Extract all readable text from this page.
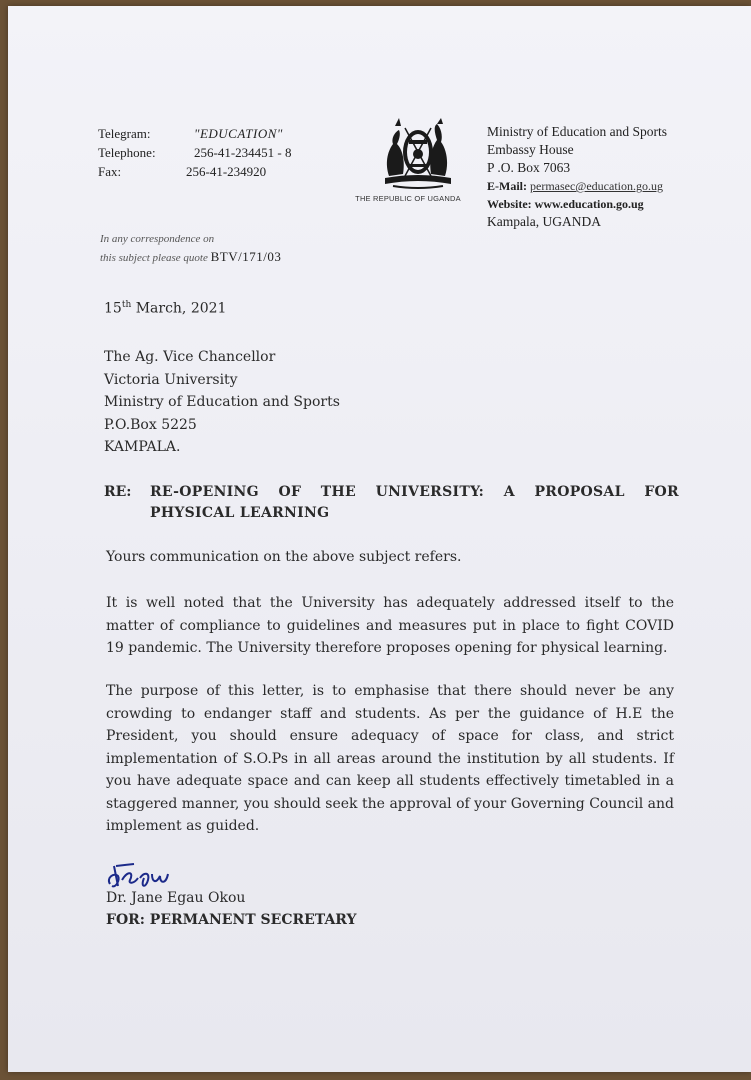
Telegram:	"EDUCATION"
Telephone:	256-41-234451 - 8
Fax:	256-41-234920
THE REPUBLIC OF UGANDA
Ministry of Education and Sports
Embassy House
P .O. Box 7063
E-Mail: permasec@education.go.ug
Website: www.education.go.ug
Kampala, UGANDA
In any correspondence on
this subject please quote BTV/171/03
15th March, 2021
The Ag. Vice Chancellor
Victoria University
Ministry of Education and Sports
P.O.Box 5225
KAMPALA.
RE:	RE-OPENING OF THE UNIVERSITY: A PROPOSAL FOR PHYSICAL LEARNING
Yours communication on the above subject refers.
It is well noted that the University has adequately addressed itself to the matter of compliance to guidelines and measures put in place to fight COVID 19 pandemic. The University therefore proposes opening for physical learning.
The purpose of this letter, is to emphasise that there should never be any crowding to endanger staff and students. As per the guidance of H.E the President, you should ensure adequacy of space for class, and strict implementation of S.O.Ps in all areas around the institution by all students. If you have adequate space and can keep all students effectively timetabled in a staggered manner, you should seek the approval of your Governing Council and implement as guided.
Dr. Jane Egau Okou
FOR: PERMANENT SECRETARY
